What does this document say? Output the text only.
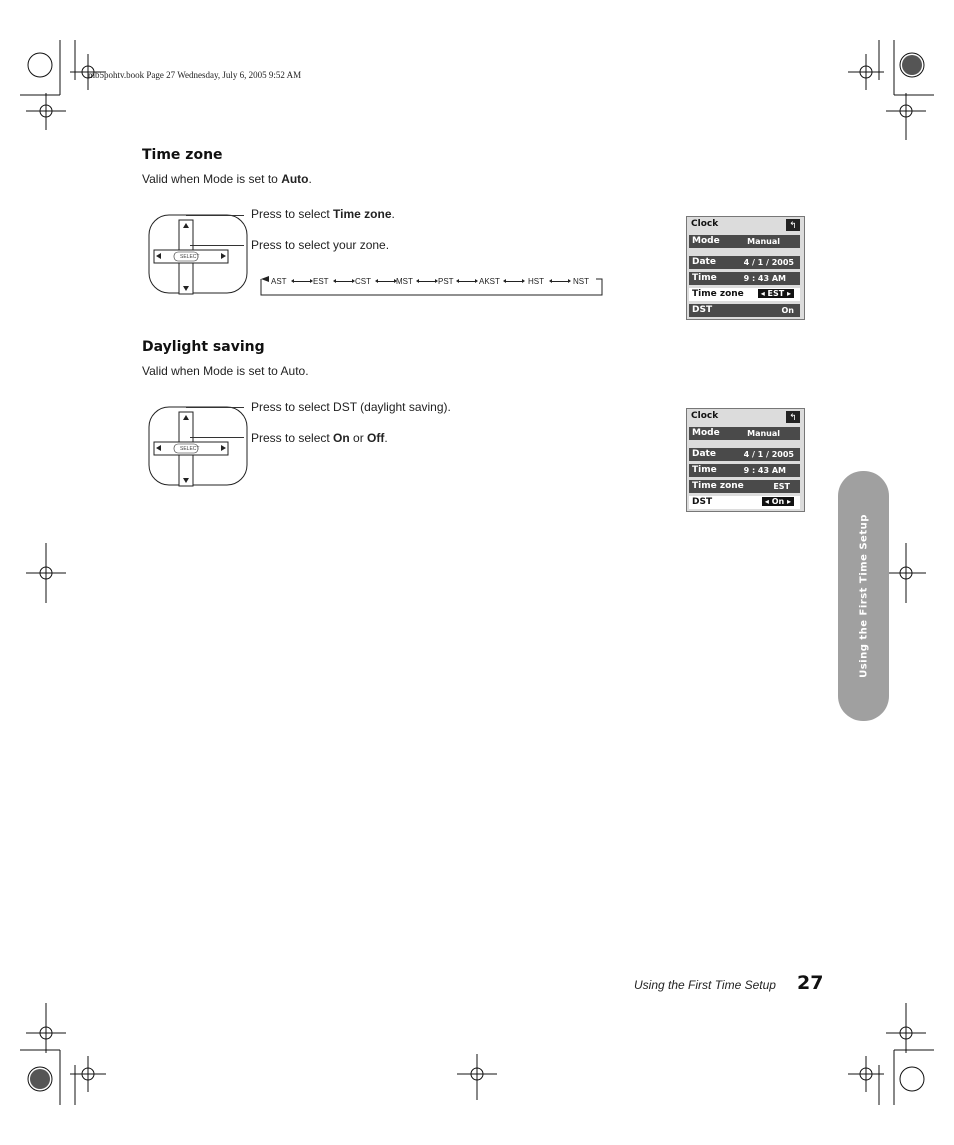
mb5pohtv.book Page 27 Wednesday, July 6, 2005 9:52 AM
Time zone
Valid when Mode is set to Auto.
SELECT
Press to select Time zone.
Press to select your zone.
AST	EST	CST	MST	PST	AKST	HST	NST
Clock	↰
Mode	Manual
Date	4 / 1 / 2005
Time	9 : 43 AM
Time zone	◂ EST ▸
DST	On
Daylight saving
Valid when Mode is set to Auto.
SELECT
Press to select DST (daylight saving).
Press to select On or Off.
Clock	↰
Mode	Manual
Date	4 / 1 / 2005
Time	9 : 43 AM
Time zone	EST
DST	◂ On ▸
Using the First Time Setup
Using the First Time Setup 27
